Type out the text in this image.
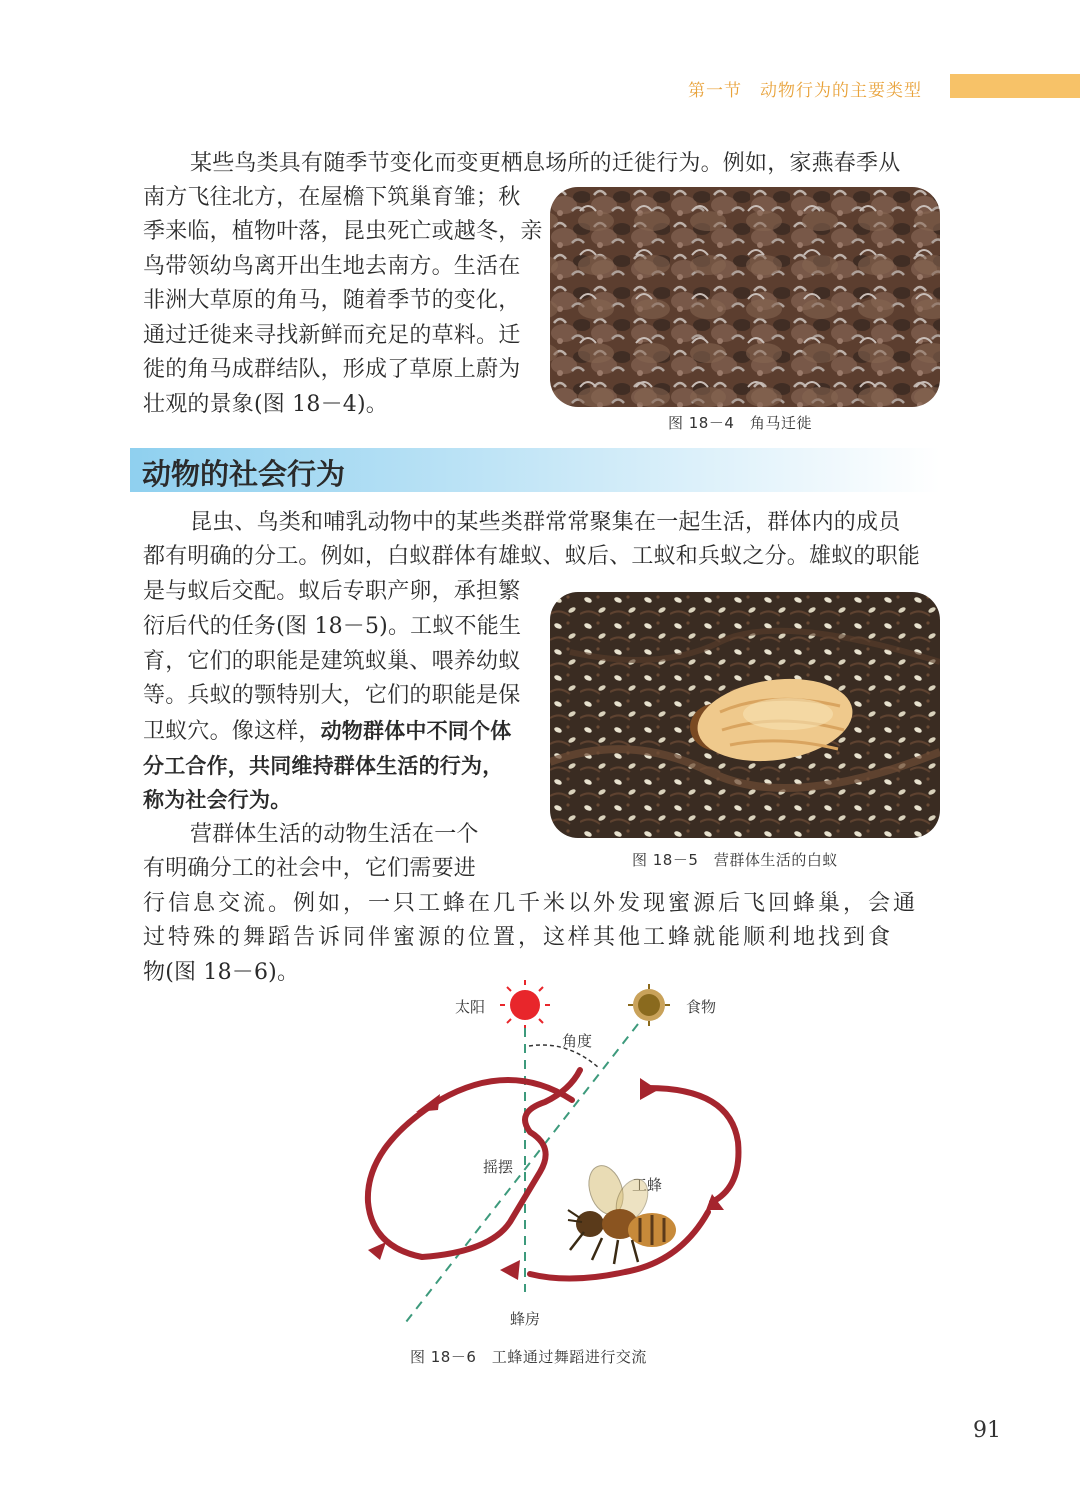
第一节　动物行为的主要类型

某些鸟类具有随季节变化而变更栖息场所的迁徙行为。例如，家燕春季从

南方飞往北方，在屋檐下筑巢育雏；秋

季来临，植物叶落，昆虫死亡或越冬，亲

鸟带领幼鸟离开出生地去南方。生活在

非洲大草原的角马，随着季节的变化，

通过迁徙来寻找新鲜而充足的草料。迁

徙的角马成群结队，形成了草原上蔚为

壮观的景象(图 18－4)。

图 18－4　角马迁徙
动物的社会行为

昆虫、鸟类和哺乳动物中的某些类群常常聚集在一起生活，群体内的成员

都有明确的分工。例如，白蚁群体有雄蚁、蚁后、工蚁和兵蚁之分。雄蚁的职能

是与蚁后交配。蚁后专职产卵，承担繁

衍后代的任务(图 18－5)。工蚁不能生

育，它们的职能是建筑蚁巢、喂养幼蚁

等。兵蚁的颚特别大，它们的职能是保

卫蚁穴。像这样，动物群体中不同个体

分工合作，共同维持群体生活的行为，

称为社会行为。

图 18－5　营群体生活的白蚁

营群体生活的动物生活在一个

有明确分工的社会中，它们需要进

行信息交流。例如，一只工蜂在几千米以外发现蜜源后飞回蜂巢，会通

过特殊的舞蹈告诉同伴蜜源的位置，这样其他工蜂就能顺利地找到食

物(图 18－6)。

太阳	食物
角度
摇摆
工蜂
蜂房
图 18－6　工蜂通过舞蹈进行交流
91
